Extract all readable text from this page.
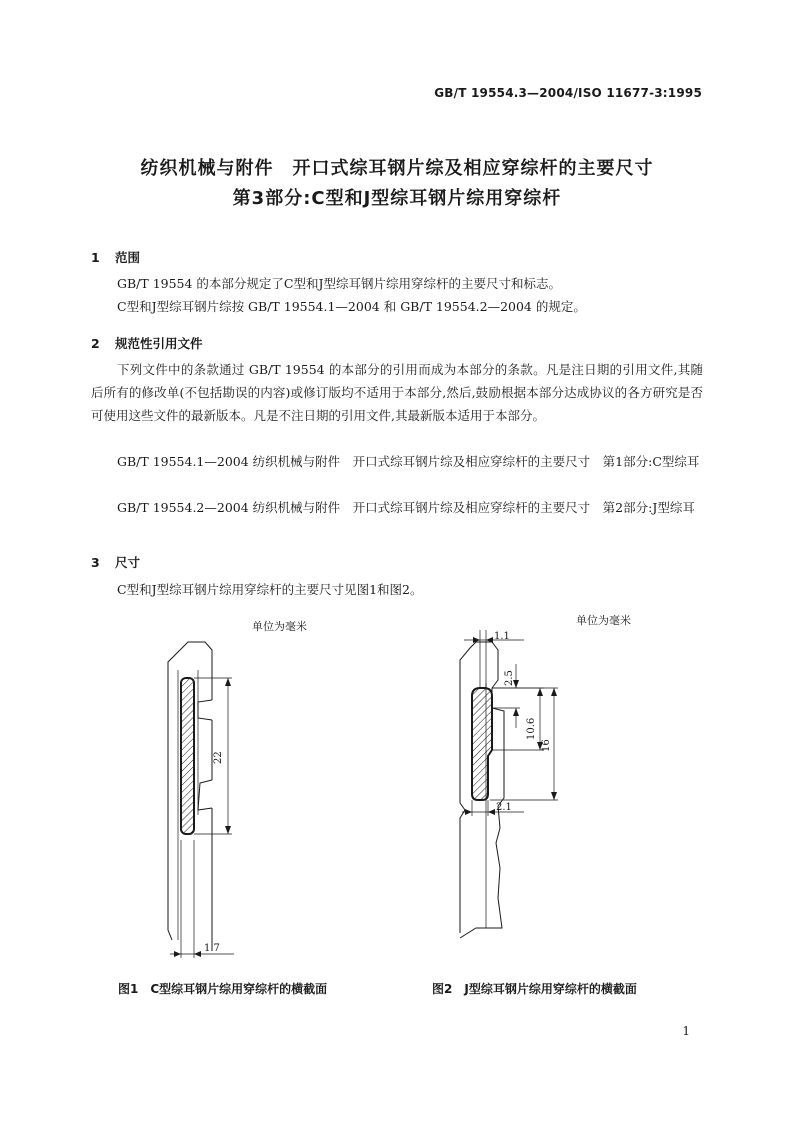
GB/T 19554.3—2004/ISO 11677-3:1995
纺织机械与附件　开口式综耳钢片综及相应穿综杆的主要尺寸
第3部分:C型和J型综耳钢片综用穿综杆
1 范围
GB/T 19554 的本部分规定了C型和J型综耳钢片综用穿综杆的主要尺寸和标志。
C型和J型综耳钢片综按 GB/T 19554.1—2004 和 GB/T 19554.2—2004 的规定。
2 规范性引用文件
下列文件中的条款通过 GB/T 19554 的本部分的引用而成为本部分的条款。凡是注日期的引用文件,其随后所有的修改单(不包括勘误的内容)或修订版均不适用于本部分,然后,鼓励根据本部分达成协议的各方研究是否可使用这些文件的最新版本。凡是不注日期的引用文件,其最新版本适用于本部分。
GB/T 19554.1—2004 纺织机械与附件　开口式综耳钢片综及相应穿综杆的主要尺寸　第1部分:C型综耳
GB/T 19554.2—2004 纺织机械与附件　开口式综耳钢片综及相应穿综杆的主要尺寸　第2部分:J型综耳
3 尺寸
C型和J型综耳钢片综用穿综杆的主要尺寸见图1和图2。
单位为毫米
22
1.7
图1　C型综耳钢片综用穿综杆的横截面
单位为毫米
1.1
2.5
10.6
16
2.1
图2　J型综耳钢片综用穿综杆的横截面
1
